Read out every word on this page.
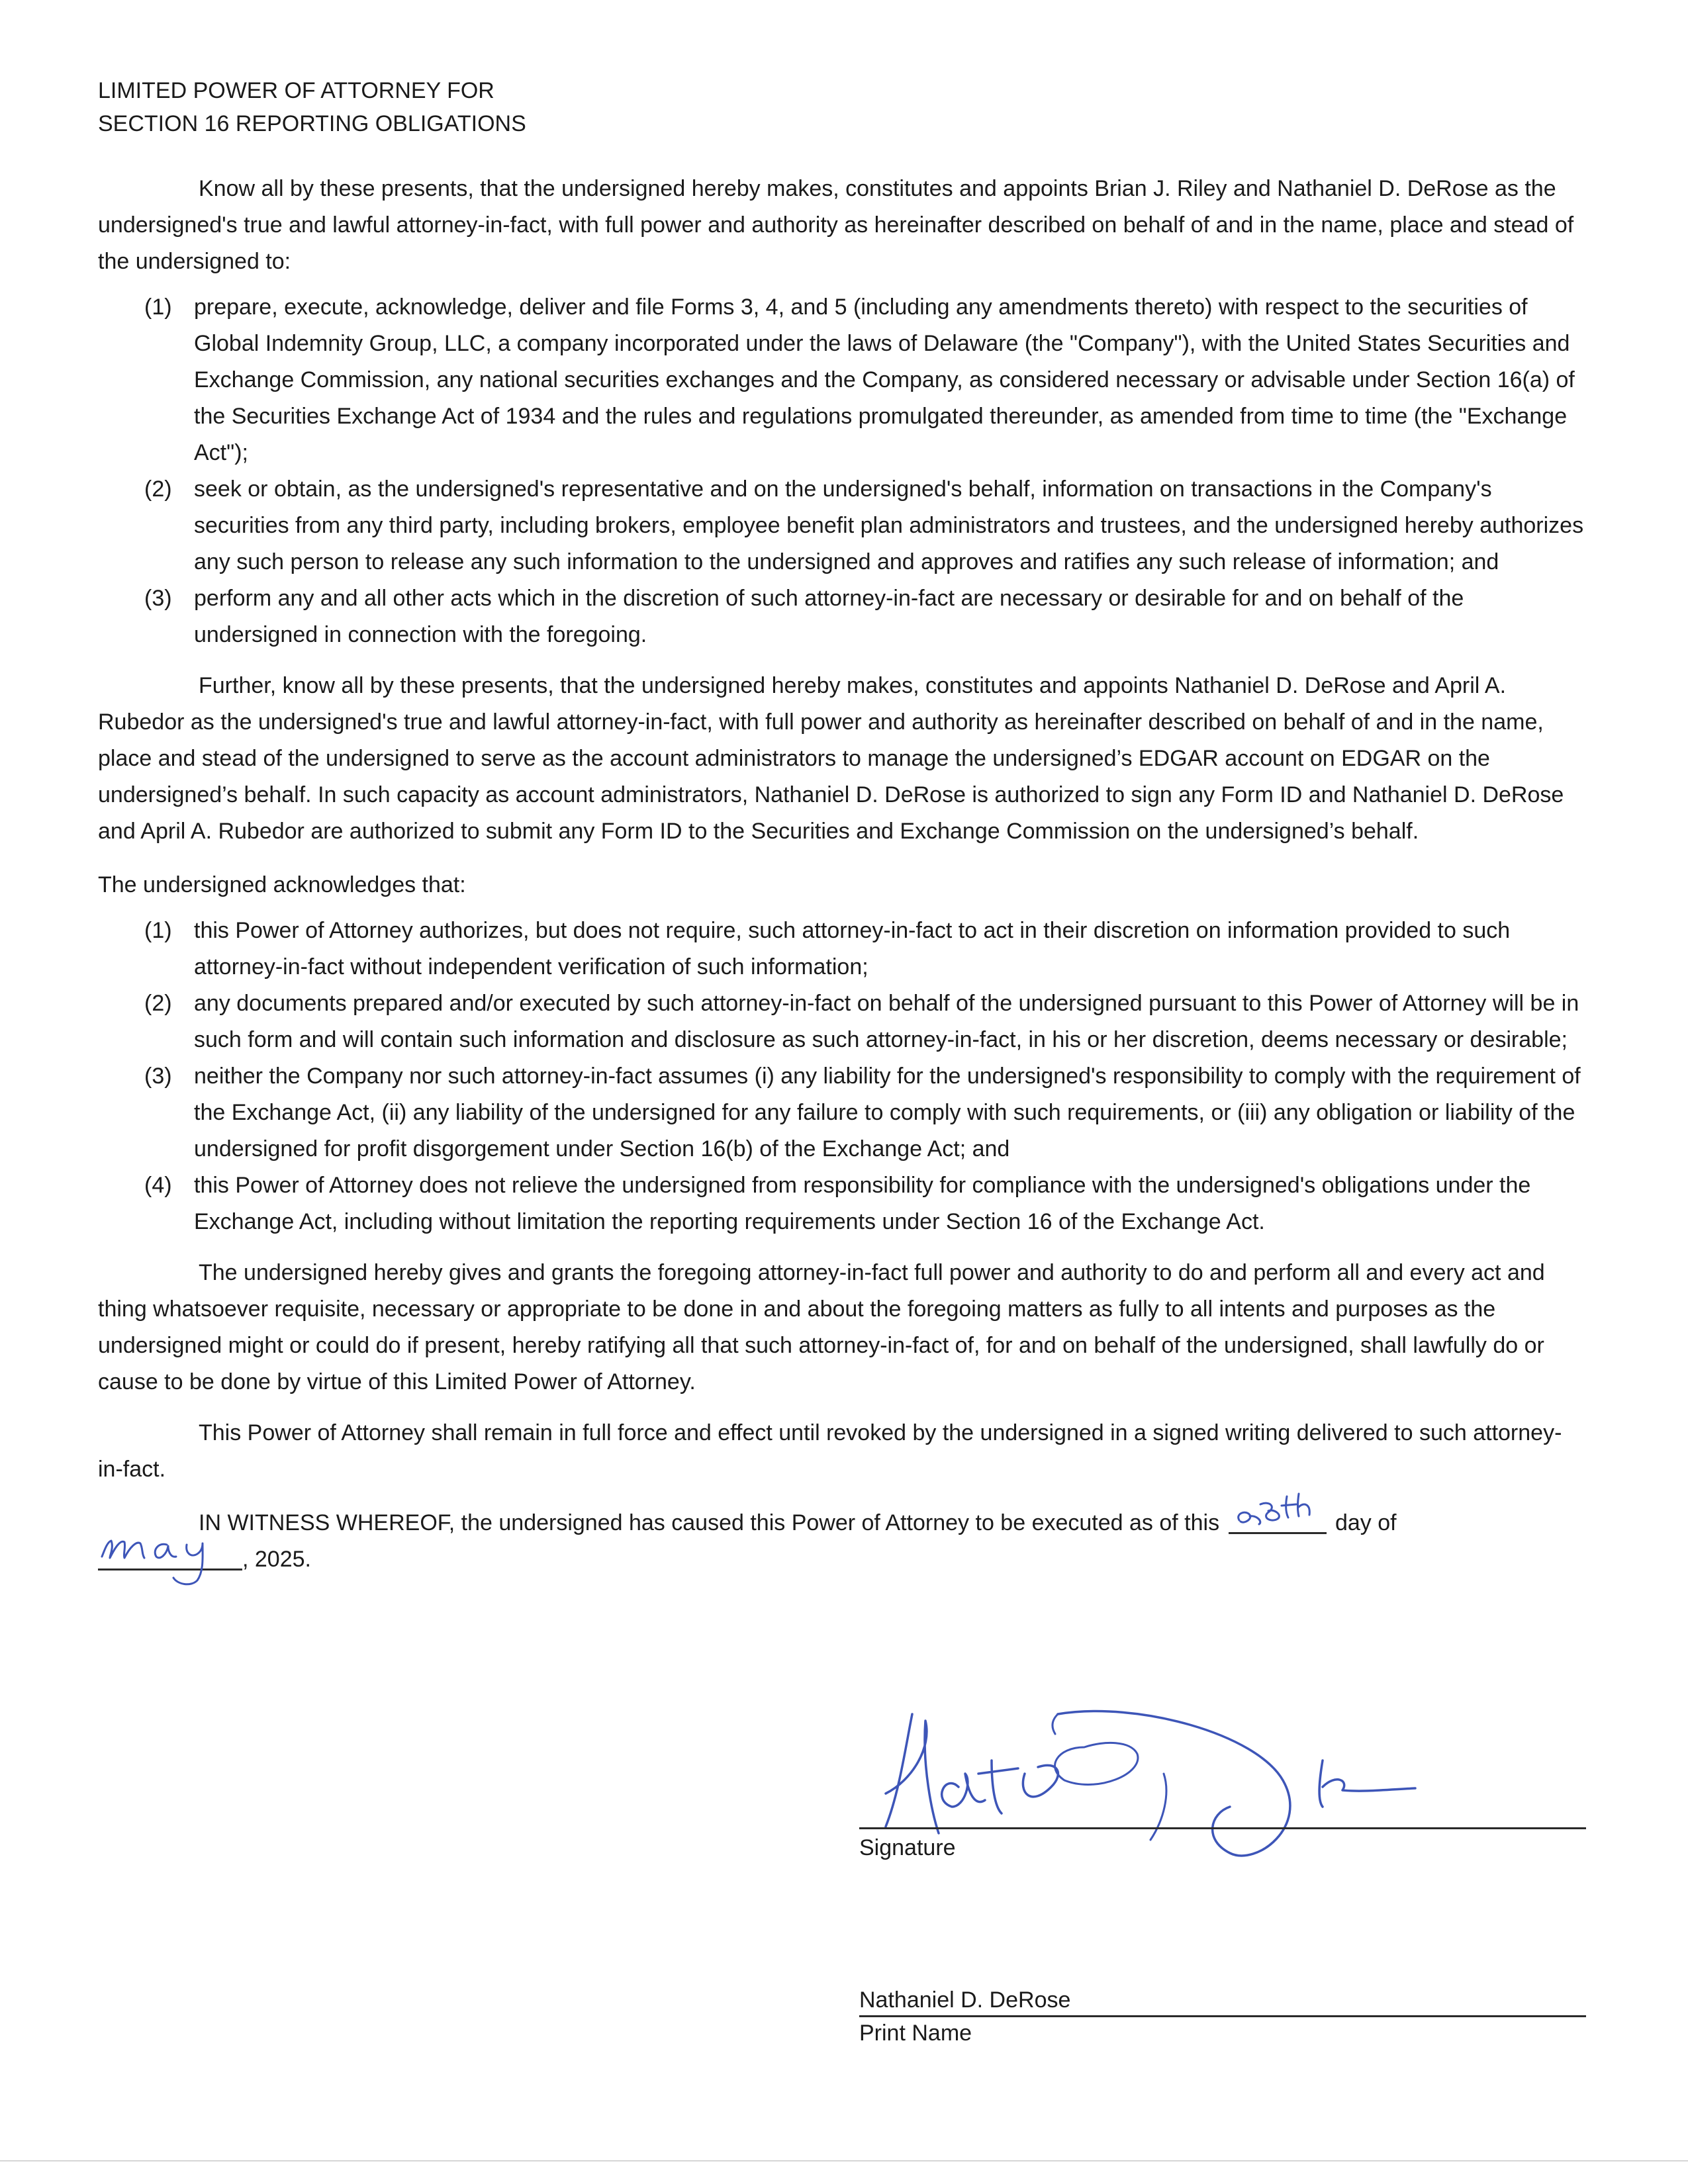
LIMITED POWER OF ATTORNEY FOR
SECTION 16 REPORTING OBLIGATIONS

Know all by these presents, that the undersigned hereby makes, constitutes and appoints Brian J. Riley and Nathaniel D. DeRose as the undersigned's true and lawful attorney-in-fact, with full power and authority as hereinafter described on behalf of and in the name, place and stead of the undersigned to:

(1) prepare, execute, acknowledge, deliver and file Forms 3, 4, and 5 (including any amendments thereto) with respect to the securities of Global Indemnity Group, LLC, a company incorporated under the laws of Delaware (the "Company"), with the United States Securities and Exchange Commission, any national securities exchanges and the Company, as considered necessary or advisable under Section 16(a) of the Securities Exchange Act of 1934 and the rules and regulations promulgated thereunder, as amended from time to time (the "Exchange Act");
(2) seek or obtain, as the undersigned's representative and on the undersigned's behalf, information on transactions in the Company's securities from any third party, including brokers, employee benefit plan administrators and trustees, and the undersigned hereby authorizes any such person to release any such information to the undersigned and approves and ratifies any such release of information; and
(3) perform any and all other acts which in the discretion of such attorney-in-fact are necessary or desirable for and on behalf of the undersigned in connection with the foregoing.

Further, know all by these presents, that the undersigned hereby makes, constitutes and appoints Nathaniel D. DeRose and April A. Rubedor as the undersigned's true and lawful attorney-in-fact, with full power and authority as hereinafter described on behalf of and in the name, place and stead of the undersigned to serve as the account administrators to manage the undersigned’s EDGAR account on EDGAR on the undersigned’s behalf. In such capacity as account administrators, Nathaniel D. DeRose is authorized to sign any Form ID and Nathaniel D. DeRose and April A. Rubedor are authorized to submit any Form ID to the Securities and Exchange Commission on the undersigned’s behalf.

The undersigned acknowledges that:

(1) this Power of Attorney authorizes, but does not require, such attorney-in-fact to act in their discretion on information provided to such attorney-in-fact without independent verification of such information;
(2) any documents prepared and/or executed by such attorney-in-fact on behalf of the undersigned pursuant to this Power of Attorney will be in such form and will contain such information and disclosure as such attorney-in-fact, in his or her discretion, deems necessary or desirable;
(3) neither the Company nor such attorney-in-fact assumes (i) any liability for the undersigned's responsibility to comply with the requirement of the Exchange Act, (ii) any liability of the undersigned for any failure to comply with such requirements, or (iii) any obligation or liability of the undersigned for profit disgorgement under Section 16(b) of the Exchange Act; and
(4) this Power of Attorney does not relieve the undersigned from responsibility for compliance with the undersigned's obligations under the Exchange Act, including without limitation the reporting requirements under Section 16 of the Exchange Act.

The undersigned hereby gives and grants the foregoing attorney-in-fact full power and authority to do and perform all and every act and thing whatsoever requisite, necessary or appropriate to be done in and about the foregoing matters as fully to all intents and purposes as the undersigned might or could do if present, hereby ratifying all that such attorney-in-fact of, for and on behalf of the undersigned, shall lawfully do or cause to be done by virtue of this Limited Power of Attorney.

This Power of Attorney shall remain in full force and effect until revoked by the undersigned in a signed writing delivered to such attorney-in-fact.

IN WITNESS WHEREOF, the undersigned has caused this Power of Attorney to be executed as of this	day of
, 2025.
Signature
Nathaniel D. DeRose
Print Name
